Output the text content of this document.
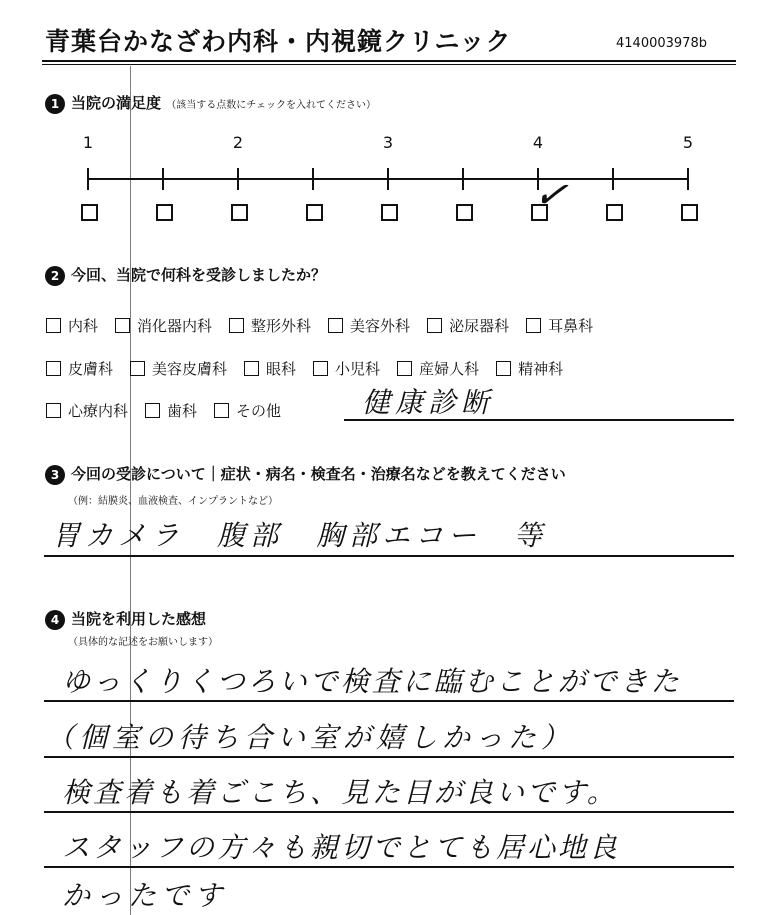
青葉台かなざわ内科・内視鏡クリニック	4140003978b
1 当院の満足度 （該当する点数にチェックを入れてください）
1	2	3	4	5
✓
2 今回、当院で何科を受診しましたか？
内科	消化器内科	整形外科	美容外科	泌尿器科	耳鼻科
皮膚科	美容皮膚科	眼科	小児科	産婦人科	精神科
心療内科	歯科	その他	健康診断
3 今回の受診について｜症状・病名・検査名・治療名などを教えてください
（例：結膜炎、血液検査、インプラントなど）
胃カメラ　腹部　胸部エコー　等
4 当院を利用した感想
（具体的な記述をお願いします）
ゆっくりくつろいで検査に臨むことができた
（個室の待ち合い室が嬉しかった）
検査着も着ごこち、見た目が良いです。
スタッフの方々も親切でとても居心地良
かったです
